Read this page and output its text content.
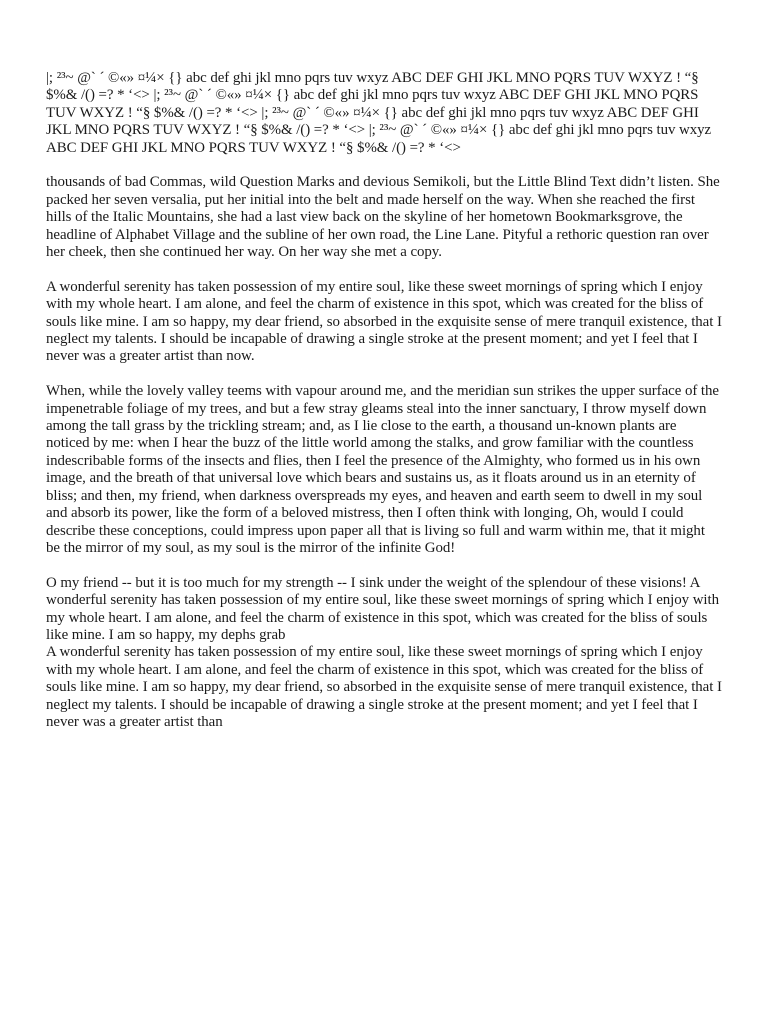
|; ²³~ @` ´ ©«» ¤¼× {} abc def ghi jkl mno pqrs tuv wxyz ABC DEF GHI JKL MNO PQRS TUV WXYZ ! “§ $%& /() =? * ‘<> |; ²³~ @` ´ ©«» ¤¼× {} abc def ghi jkl mno pqrs tuv wxyz ABC DEF GHI JKL MNO PQRS TUV WXYZ ! “§ $%& /() =? * ‘<> |; ²³~ @` ´ ©«» ¤¼× {} abc def ghi jkl mno pqrs tuv wxyz ABC DEF GHI JKL MNO PQRS TUV WXYZ ! “§ $%& /() =? * ‘<> |; ²³~ @` ´ ©«» ¤¼× {} abc def ghi jkl mno pqrs tuv wxyz ABC DEF GHI JKL MNO PQRS TUV WXYZ ! “§ $%& /() =? * ‘<>

thousands of bad Commas, wild Question Marks and devious Semikoli, but the Little Blind Text didn’t listen. She packed her seven versalia, put her initial into the belt and made herself on the way. When she reached the first hills of the Italic Mountains, she had a last view back on the skyline of her hometown Bookmarksgrove, the headline of Alphabet Village and the subline of her own road, the Line Lane. Pityful a rethoric question ran over her cheek, then she continued her way. On her way she met a copy.

A wonderful serenity has taken possession of my entire soul, like these sweet mornings of spring which I enjoy with my whole heart. I am alone, and feel the charm of existence in this spot, which was created for the bliss of souls like mine. I am so happy, my dear friend, so absorbed in the exquisite sense of mere tranquil existence, that I neglect my talents. I should be incapable of drawing a single stroke at the present moment; and yet I feel that I never was a greater artist than now.

When, while the lovely valley teems with vapour around me, and the meridian sun strikes the upper surface of the impenetrable foliage of my trees, and but a few stray gleams steal into the inner sanctuary, I throw myself down among the tall grass by the trickling stream; and, as I lie close to the earth, a thousand un-known plants are noticed by me: when I hear the buzz of the little world among the stalks, and grow familiar with the countless indescribable forms of the insects and flies, then I feel the presence of the Almighty, who formed us in his own image, and the breath of that universal love which bears and sustains us, as it floats around us in an eternity of bliss; and then, my friend, when darkness overspreads my eyes, and heaven and earth seem to dwell in my soul and absorb its power, like the form of a beloved mistress, then I often think with longing, Oh, would I could describe these conceptions, could impress upon paper all that is living so full and warm within me, that it might be the mirror of my soul, as my soul is the mirror of the infinite God!

O my friend -- but it is too much for my strength -- I sink under the weight of the splendour of these visions! A wonderful serenity has taken possession of my entire soul, like these sweet mornings of spring which I enjoy with my whole heart. I am alone, and feel the charm of existence in this spot, which was created for the bliss of souls like mine. I am so happy, my dephs grab

A wonderful serenity has taken possession of my entire soul, like these sweet mornings of spring which I enjoy with my whole heart. I am alone, and feel the charm of existence in this spot, which was created for the bliss of souls like mine. I am so happy, my dear friend, so absorbed in the exquisite sense of mere tranquil existence, that I neglect my talents. I should be incapable of drawing a single stroke at the present moment; and yet I feel that I never was a greater artist than
